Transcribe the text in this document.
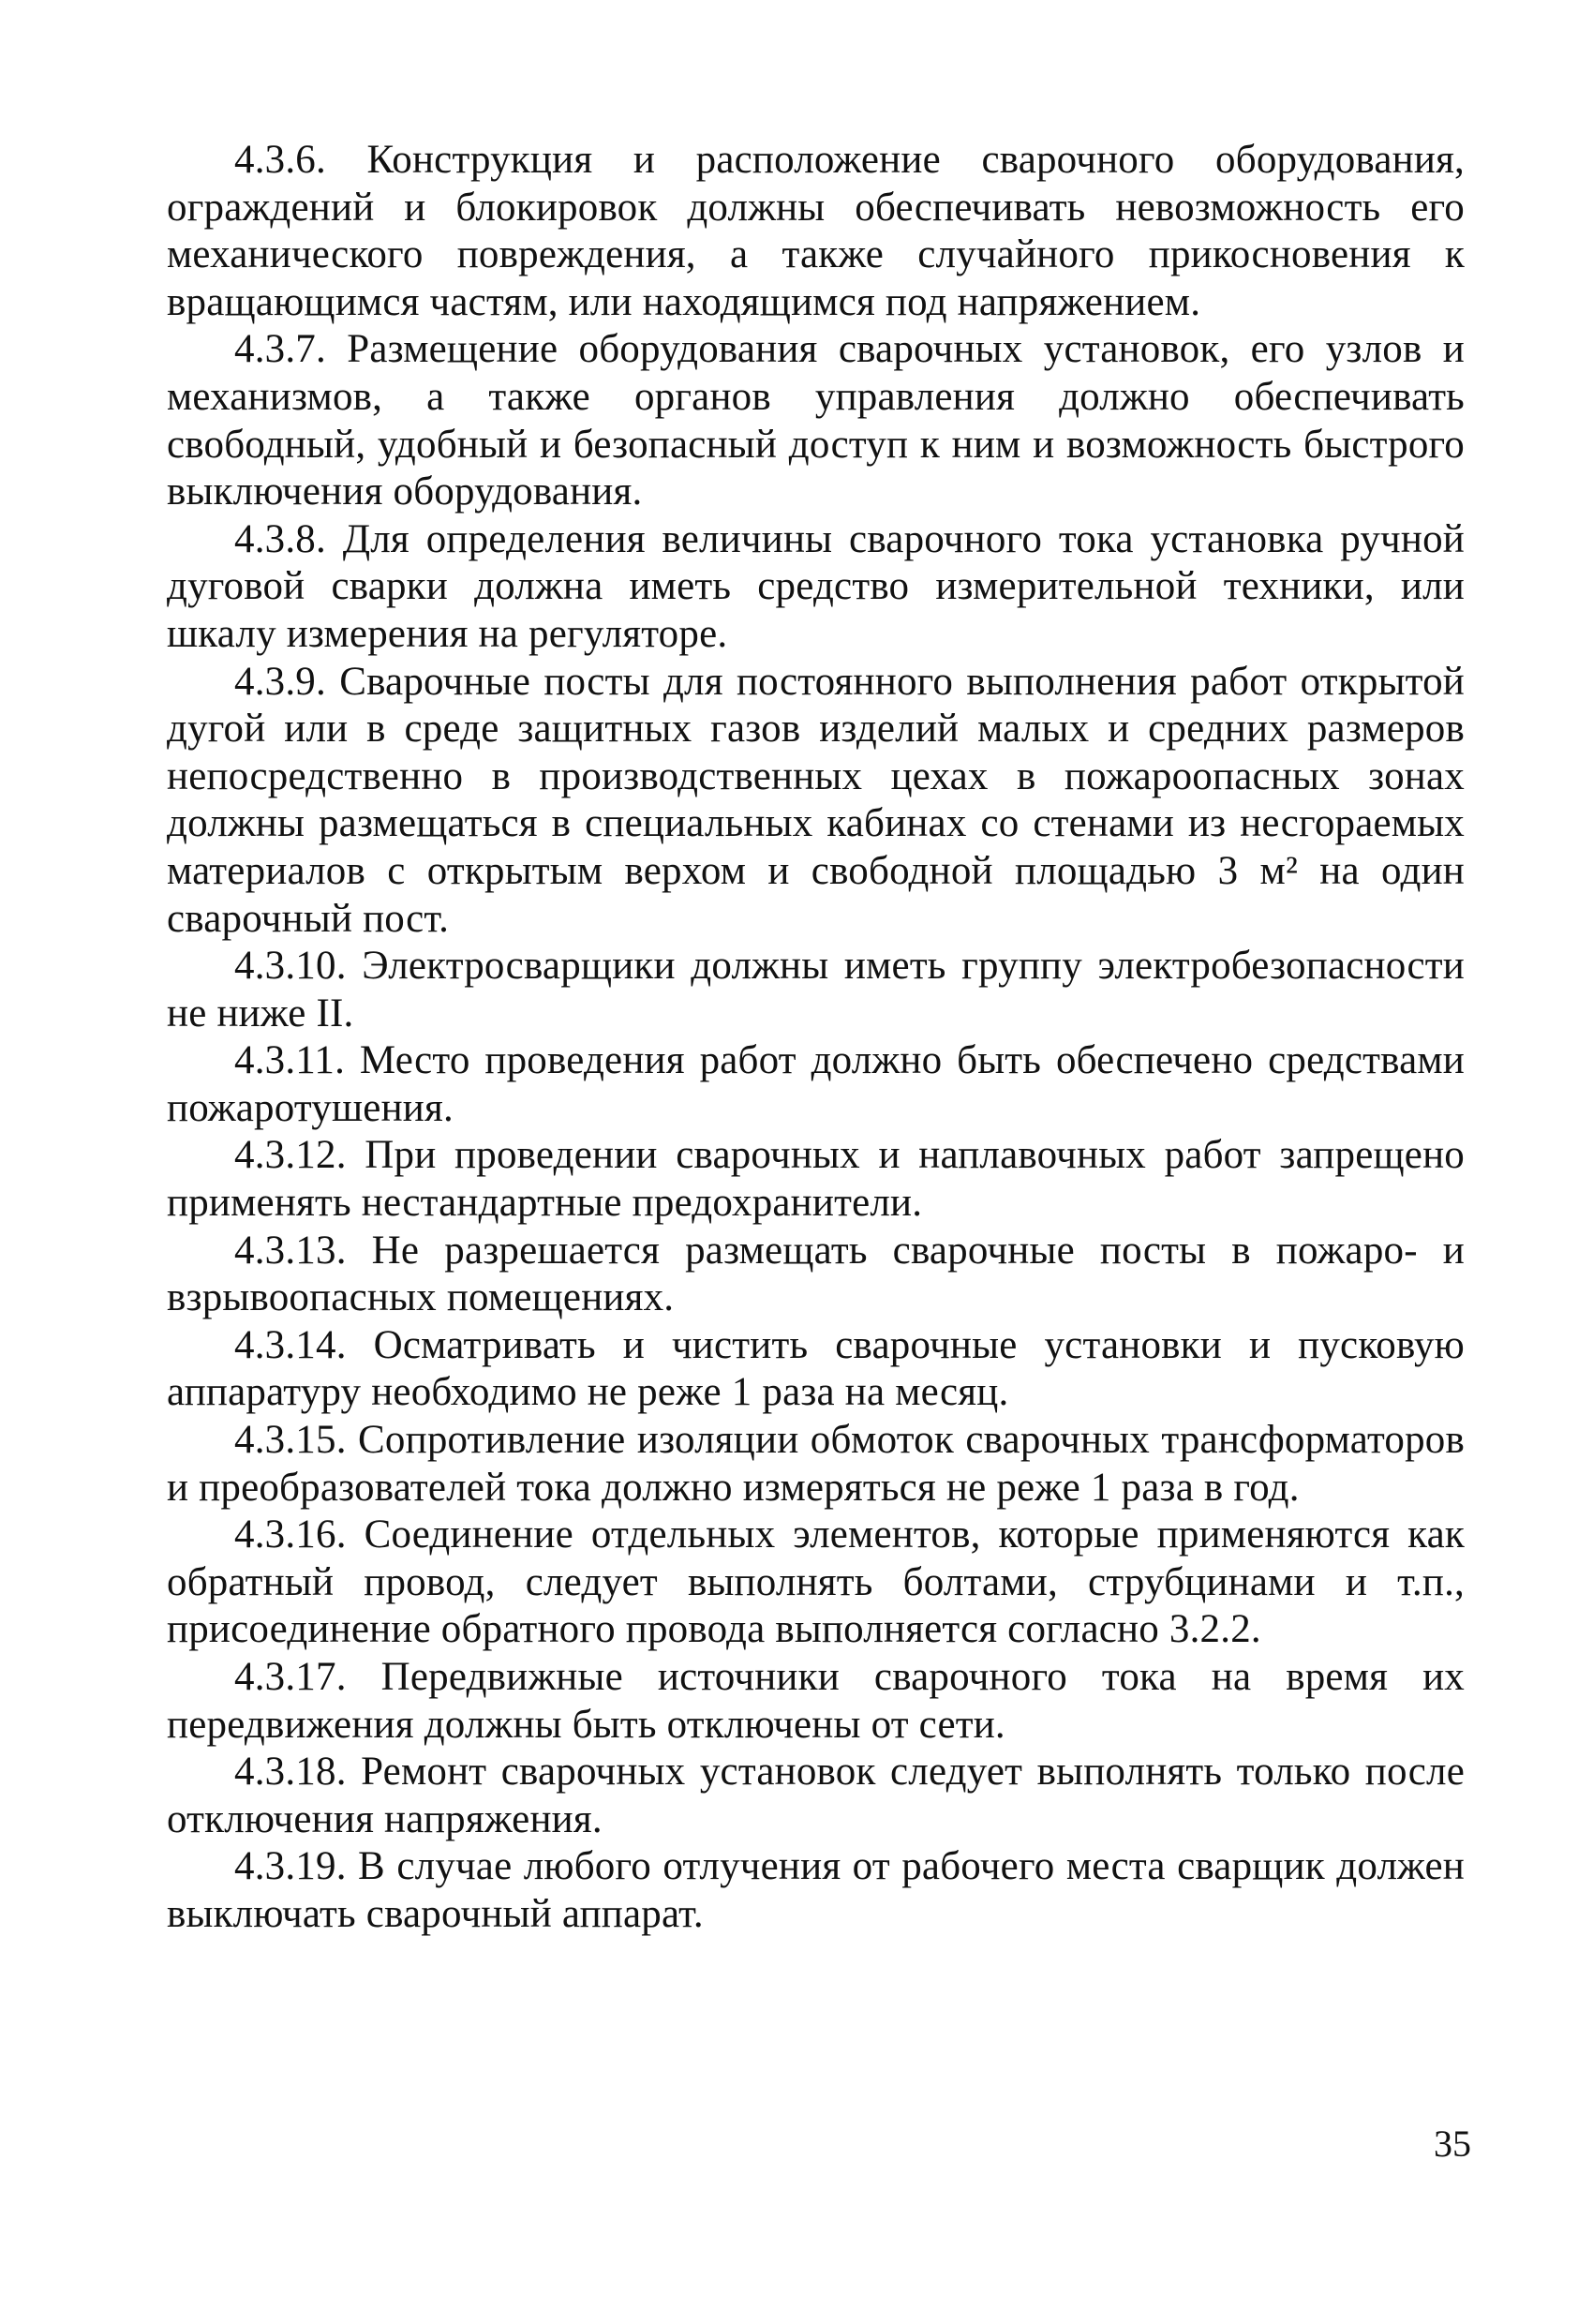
4.3.6. Конструкция и расположение сварочного оборудования, ограждений и блокировок должны обеспечивать невозможность его механического повреждения, а также случайного прикосновения к вращающимся частям, или находящимся под напряжением.

4.3.7. Размещение оборудования сварочных установок, его узлов и механизмов, а также органов управления должно обеспечивать свободный, удобный и безопасный доступ к ним и возможность быстрого выключения оборудования.

4.3.8. Для определения величины сварочного тока установка ручной дуговой сварки должна иметь средство измерительной техники, или шкалу измерения на регуляторе.

4.3.9. Сварочные посты для постоянного выполнения работ открытой дугой или в среде защитных газов изделий малых и средних размеров непосредственно в производственных цехах в пожароопасных зонах должны размещаться в специальных кабинах со стенами из несгораемых материалов с открытым верхом и свободной площадью 3 м² на один сварочный пост.

4.3.10. Электросварщики должны иметь группу электробезопасности не ниже II.

4.3.11. Место проведения работ должно быть обеспечено средствами пожаротушения.

4.3.12. При проведении сварочных и наплавочных работ запрещено применять нестандартные предохранители.

4.3.13. Не разрешается размещать сварочные посты в пожаро- и взрывоопасных помещениях.

4.3.14. Осматривать и чистить сварочные установки и пусковую аппаратуру необходимо не реже 1 раза на месяц.

4.3.15. Сопротивление изоляции обмоток сварочных трансформаторов и преобразователей тока должно измеряться не реже 1 раза в год.

4.3.16. Соединение отдельных элементов, которые применяются как обратный провод, следует выполнять болтами, струбцинами и т.п., присоединение обратного провода выполняется согласно 3.2.2.

4.3.17. Передвижные источники сварочного тока на время их передвижения должны быть отключены от сети.

4.3.18. Ремонт сварочных установок следует выполнять только после отключения напряжения.

4.3.19. В случае любого отлучения от рабочего места сварщик должен выключать сварочный аппарат.

35
